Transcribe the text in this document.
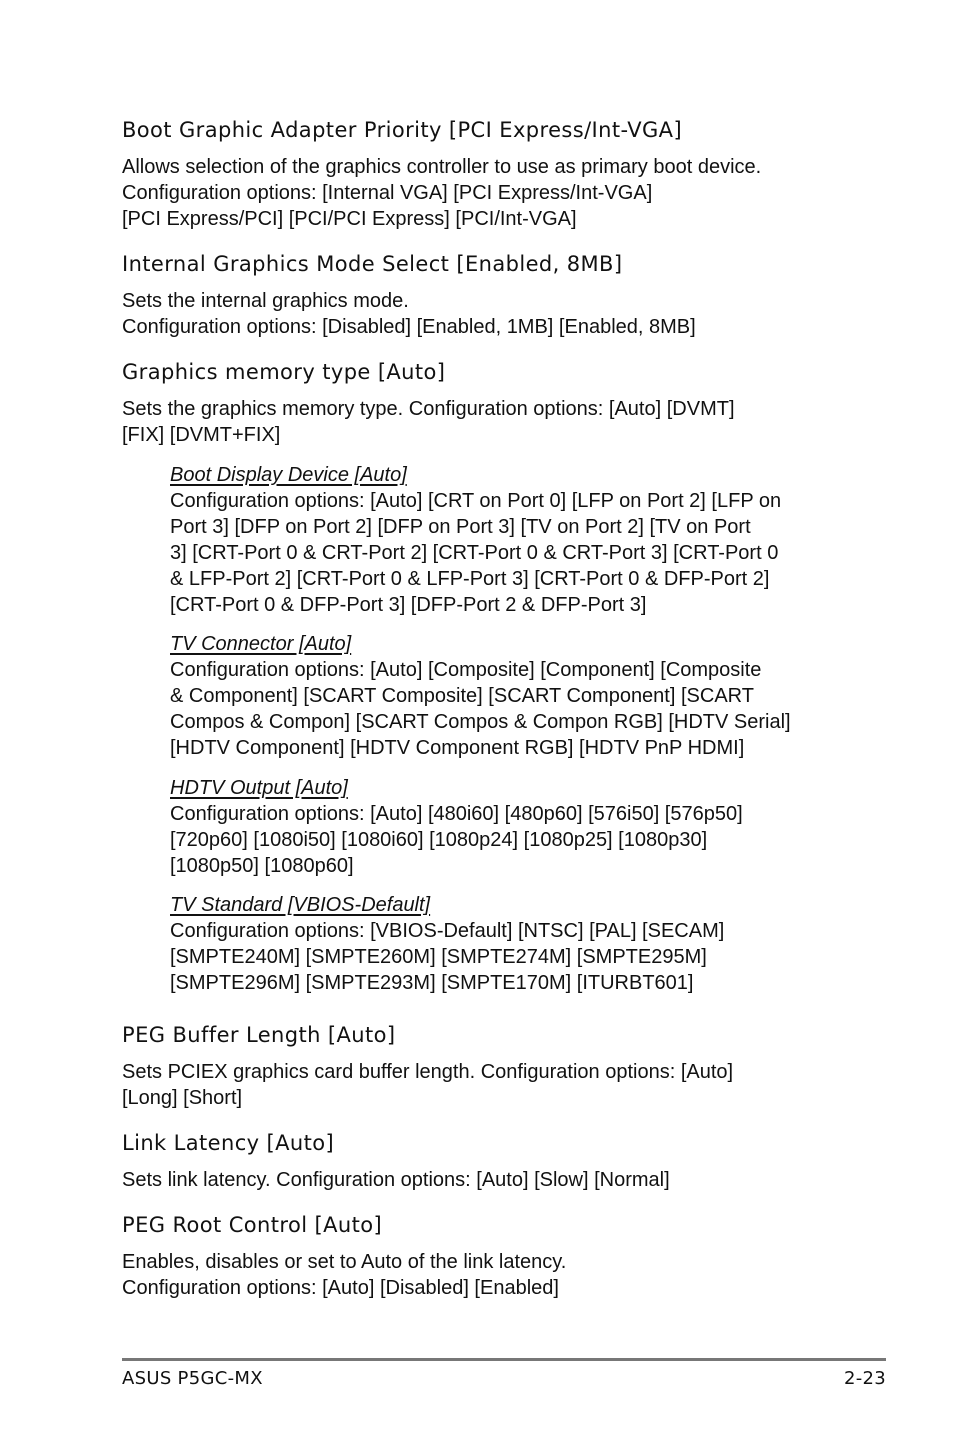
Boot Graphic Adapter Priority [PCI Express/Int-VGA]

Allows selection of the graphics controller to use as primary boot device.
Configuration options: [Internal VGA] [PCI Express/Int-VGA]
[PCI Express/PCI] [PCI/PCI Express] [PCI/Int-VGA]

Internal Graphics Mode Select [Enabled, 8MB]

Sets the internal graphics mode.
Configuration options: [Disabled] [Enabled, 1MB] [Enabled, 8MB]

Graphics memory type [Auto]

Sets the graphics memory type. Configuration options: [Auto] [DVMT]
[FIX] [DVMT+FIX]

Boot Display Device [Auto]

Configuration options: [Auto] [CRT on Port 0] [LFP on Port 2] [LFP on
Port 3] [DFP on Port 2] [DFP on Port 3] [TV on Port 2] [TV on Port
3] [CRT-Port 0 & CRT-Port 2] [CRT-Port 0 & CRT-Port 3] [CRT-Port 0
& LFP-Port 2] [CRT-Port 0 & LFP-Port 3] [CRT-Port 0 & DFP-Port 2]
[CRT-Port 0 & DFP-Port 3] [DFP-Port 2 & DFP-Port 3]

TV Connector [Auto]

Configuration options: [Auto] [Composite] [Component] [Composite
& Component] [SCART Composite] [SCART Component] [SCART
Compos & Compon] [SCART Compos & Compon RGB] [HDTV Serial]
[HDTV Component] [HDTV Component RGB] [HDTV PnP HDMI]

HDTV Output [Auto]

Configuration options: [Auto] [480i60] [480p60] [576i50] [576p50]
[720p60] [1080i50] [1080i60] [1080p24] [1080p25] [1080p30]
[1080p50] [1080p60]

TV Standard [VBIOS-Default]

Configuration options: [VBIOS-Default] [NTSC] [PAL] [SECAM]
[SMPTE240M] [SMPTE260M] [SMPTE274M] [SMPTE295M]
[SMPTE296M] [SMPTE293M] [SMPTE170M] [ITURBT601]

PEG Buffer Length [Auto]

Sets PCIEX graphics card buffer length. Configuration options: [Auto]
[Long] [Short]

Link Latency [Auto]

Sets link latency. Configuration options: [Auto] [Slow] [Normal]

PEG Root Control [Auto]

Enables, disables or set to Auto of the link latency.
Configuration options: [Auto] [Disabled] [Enabled]

ASUS P5GC-MX	2-23
